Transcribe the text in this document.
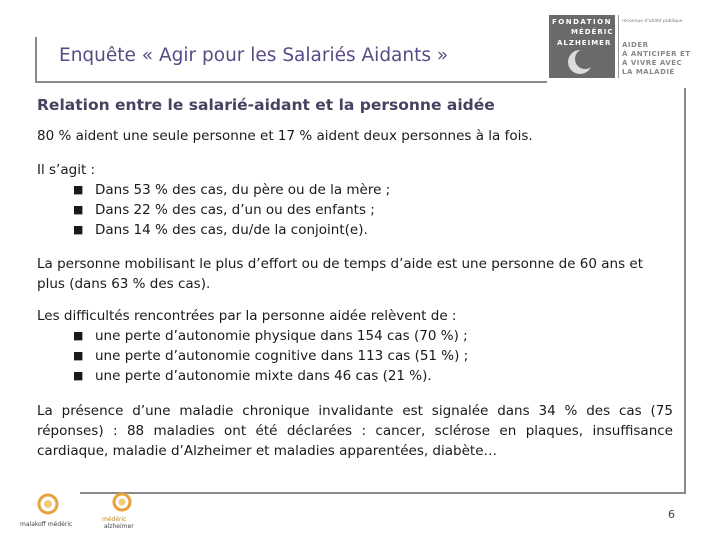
Enquête « Agir pour les Salariés Aidants »
FONDATION
MÉDÉRIC
ALZHEIMER
reconnue d'utilité publique
AIDER
À ANTICIPER ET
À VIVRE AVEC
LA MALADIE
Relation entre le salarié-aidant et la personne aidée
80 % aident une seule personne et 17 % aident deux personnes à la fois.
Il s’agit :
■ Dans 53 % des cas, du père ou de la mère ;
■ Dans 22 % des cas, d’un ou des enfants ;
■ Dans 14 % des cas, du/de la conjoint(e).
La personne mobilisant le plus d’effort ou de temps d’aide est une personne de 60 ans et plus (dans 63 % des cas).
Les difficultés rencontrées par la personne aidée relèvent de :
■ une perte d’autonomie physique dans 154 cas (70 %) ;
■ une perte d’autonomie cognitive dans 113 cas (51 %) ;
■ une perte d’autonomie mixte dans 46 cas (21 %).
La présence d’une maladie chronique invalidante est signalée dans 34 % des cas (75 réponses) : 88 maladies ont été déclarées : cancer, sclérose en plaques, insuffisance cardiaque, maladie d’Alzheimer et maladies apparentées, diabète…
malakoff médéric
médéric
alzheimer
6
